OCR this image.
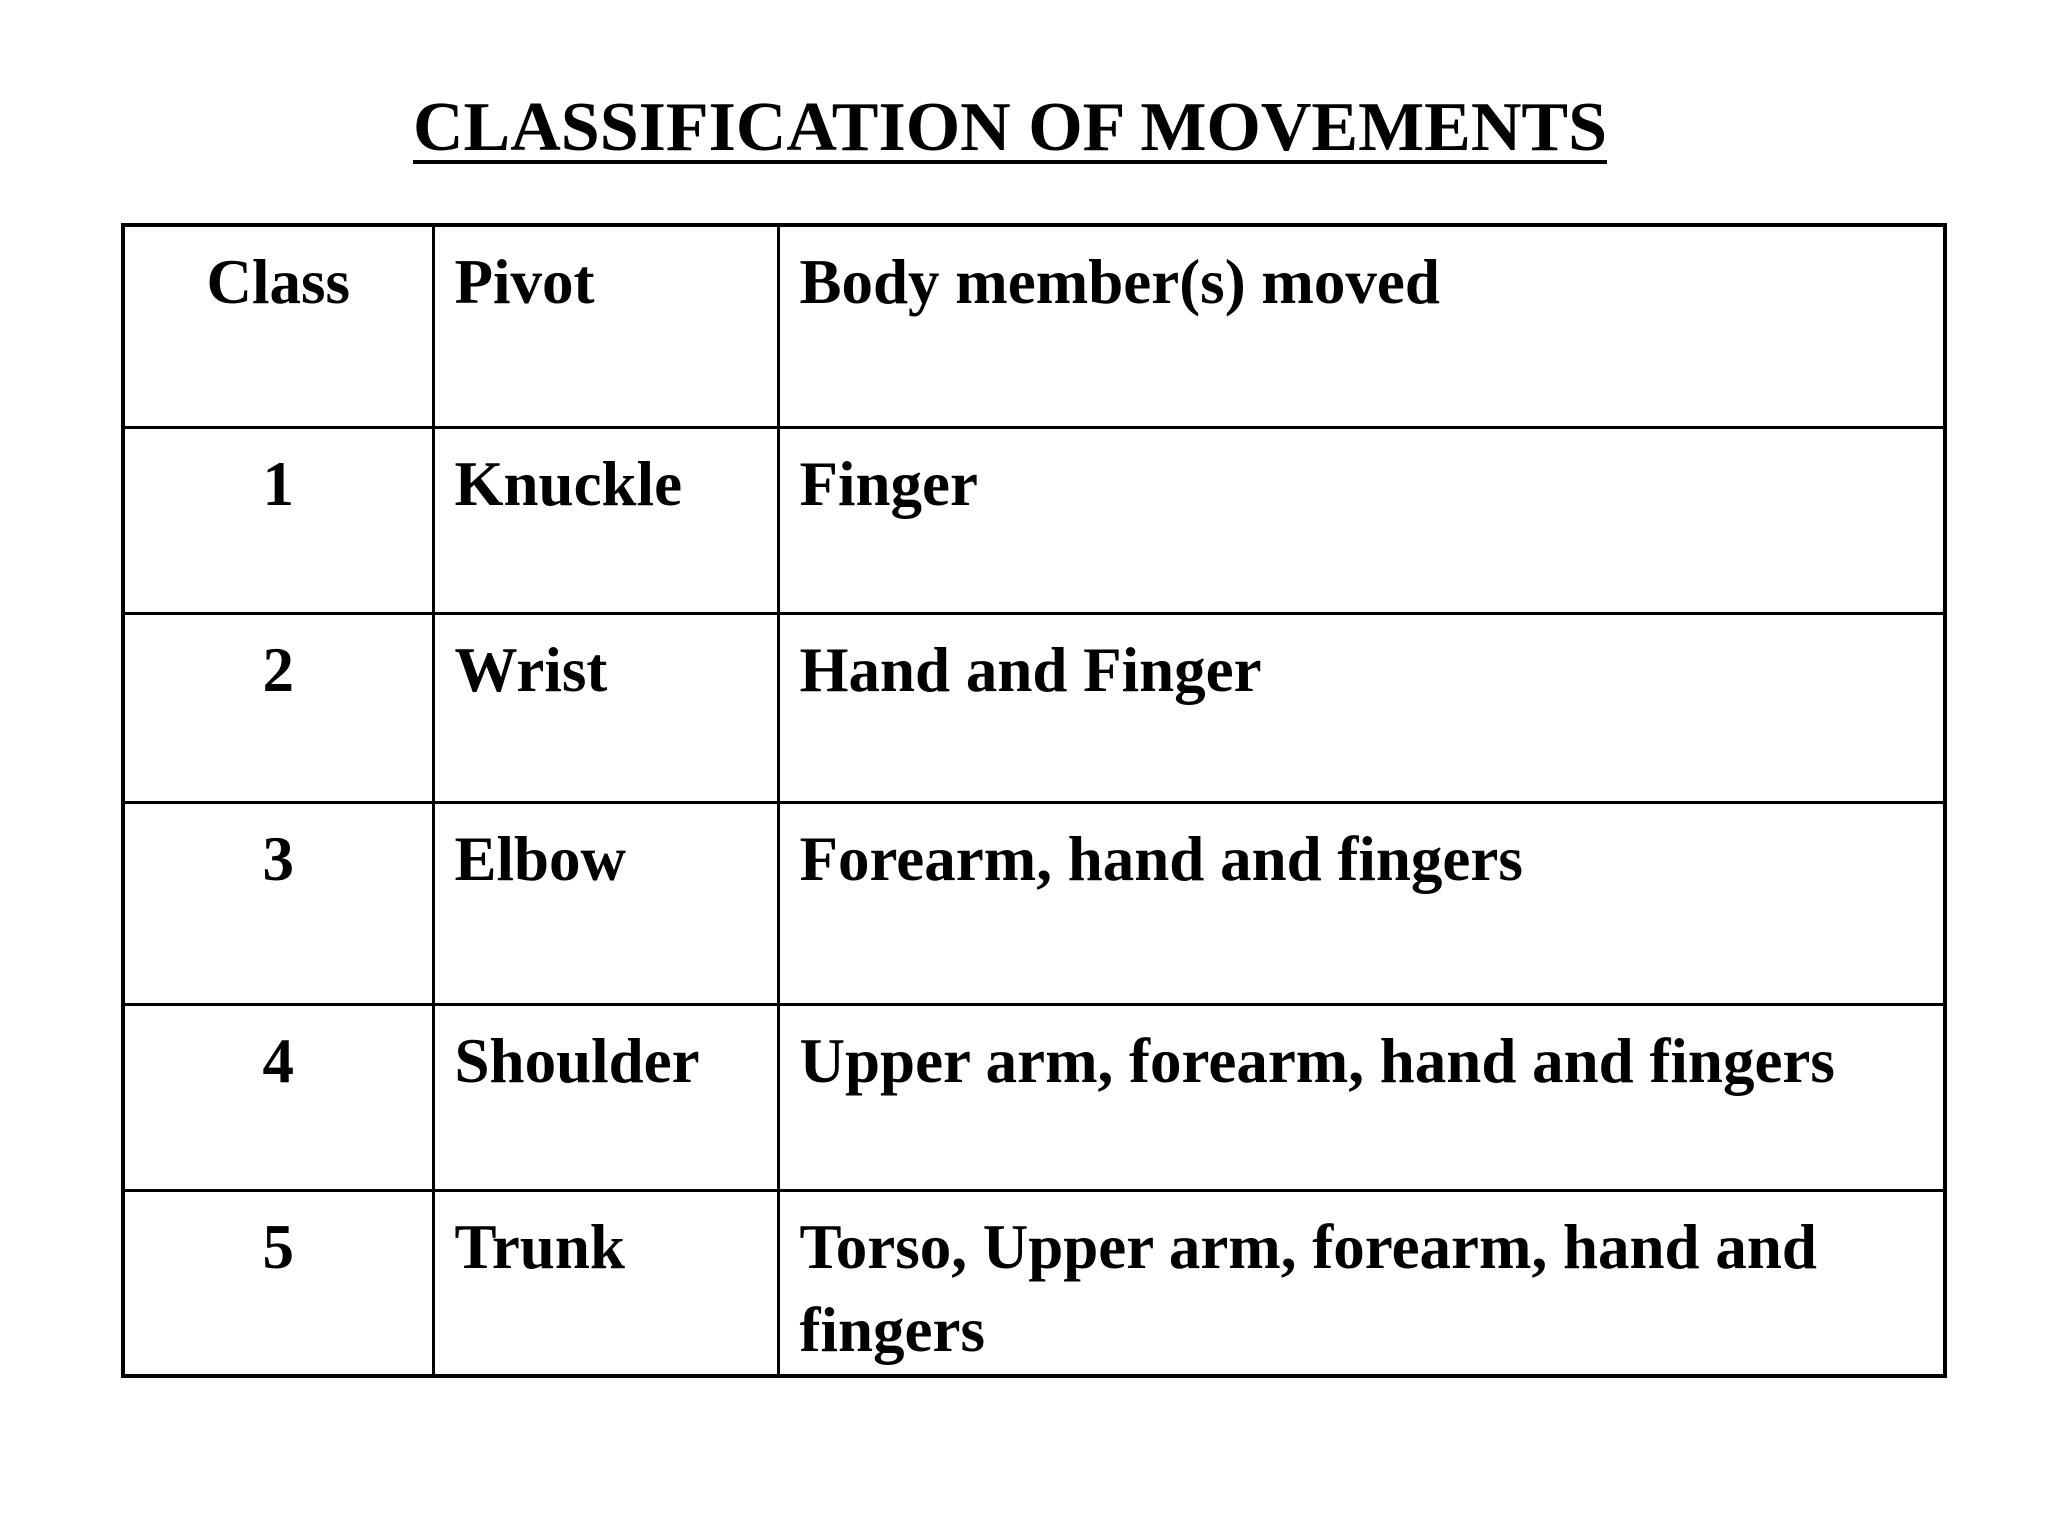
CLASSIFICATION OF MOVEMENTS
Class	Pivot	Body member(s) moved
1	Knuckle	Finger
2	Wrist	Hand and Finger
3	Elbow	Forearm, hand and fingers
4	Shoulder	Upper arm, forearm, hand and fingers
5	Trunk	Torso, Upper arm, forearm, hand and fingers
